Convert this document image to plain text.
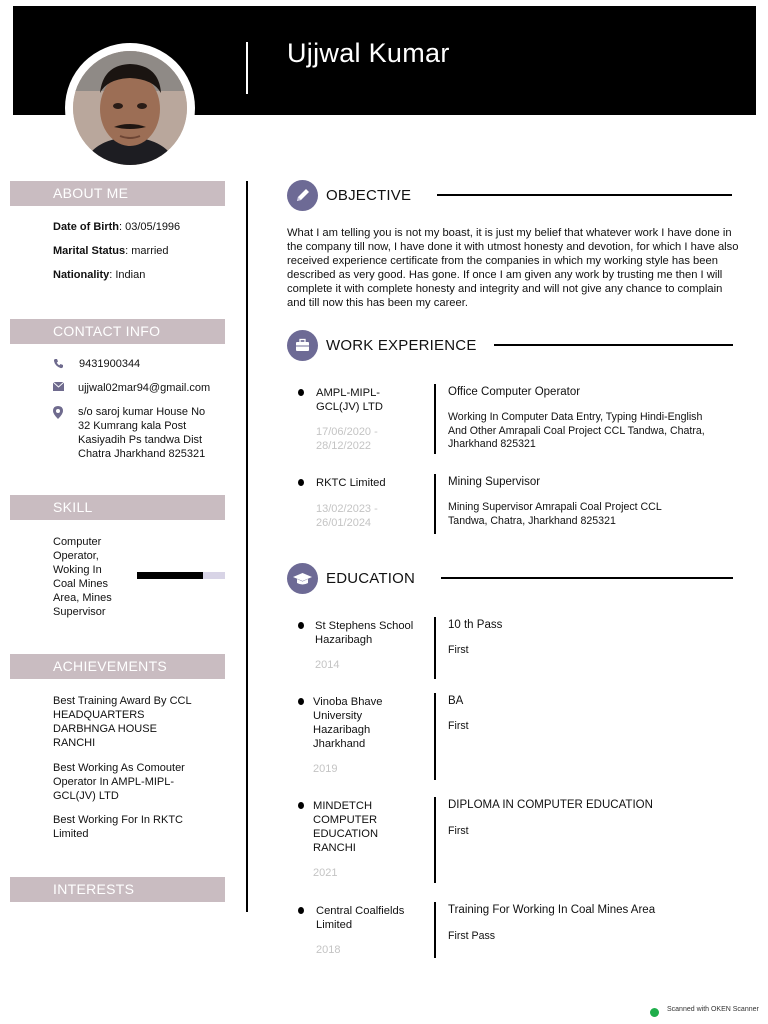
Ujjwal Kumar
ABOUT ME
Date of Birth: 03/05/1996
Marital Status: married
Nationality: Indian
CONTACT INFO
9431900344
ujjwal02mar94@gmail.com
s/o saroj kumar House No
32 Kumrang kala Post
Kasiyadih Ps tandwa Dist
Chatra Jharkhand 825321
SKILL
Computer
Operator,
Woking In
Coal Mines
Area, Mines
Supervisor
ACHIEVEMENTS
Best Training Award By CCL
HEADQUARTERS
DARBHNGA HOUSE
RANCHI
Best Working As Comouter
Operator In AMPL-MIPL-
GCL(JV) LTD
Best Working For In RKTC
Limited
INTERESTS
OBJECTIVE
What I am telling you is not my boast, it is just my belief that whatever work I have done in the company till now, I have done it with utmost honesty and devotion, for which I have also received experience certificate from the companies in which my working style has been described as very good. Has gone. If once I am given any work by trusting me then I will complete it with complete honesty and integrity and will not give any chance to complain and till now this has been my career.
WORK EXPERIENCE
AMPL-MIPL-
GCL(JV) LTD
17/06/2020 -
28/12/2022
Office Computer Operator
Working In Computer Data Entry, Typing Hindi-English
And Other Amrapali Coal Project CCL Tandwa, Chatra,
Jharkhand 825321
RKTC Limited
13/02/2023 -
26/01/2024
Mining Supervisor
Mining Supervisor Amrapali Coal Project CCL
Tandwa, Chatra, Jharkhand 825321
EDUCATION
St Stephens School
Hazaribagh
2014
10 th Pass
First
Vinoba Bhave
University
Hazaribagh
Jharkhand
2019
BA
First
MINDETCH
COMPUTER
EDUCATION
RANCHI
2021
DIPLOMA IN COMPUTER EDUCATION
First
Central Coalfields
Limited
2018
Training For Working In Coal Mines Area
First Pass
Scanned with OKEN Scanner
